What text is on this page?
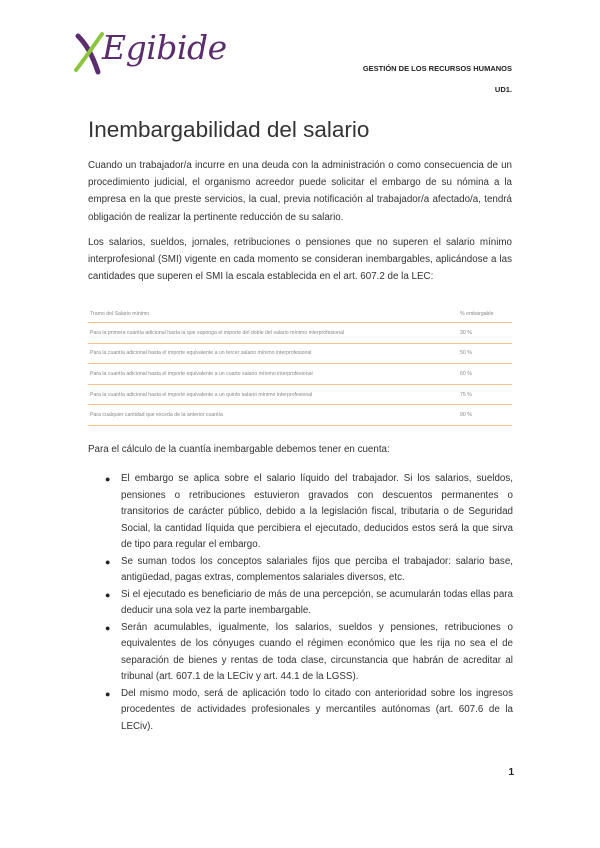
Egibide
GESTIÓN DE LOS RECURSOS HUMANOS
UD1.
Inembargabilidad del salario

Cuando un trabajador/a incurre en una deuda con la administración o como consecuencia de un procedimiento judicial, el organismo acreedor puede solicitar el embargo de su nómina a la empresa en la que preste servicios, la cual, previa notificación al trabajador/a afectado/a, tendrá obligación de realizar la pertinente reducción de su salario.

Los salarios, sueldos, jornales, retribuciones o pensiones que no superen el salario mínimo interprofesional (SMI) vigente en cada momento se consideran inembargables, aplicándose a las cantidades que superen el SMI la escala establecida en el art. 607.2 de la LEC:

Tramo del Salario mínimo	% embargable
Para la primera cuantía adicional hasta la que suponga el importe del doble del salario mínimo interprofesional	30 %
Para la cuantía adicional hasta el importe equivalente a un tercer salario mínimo interprofesional	50 %
Para la cuantía adicional hasta el importe equivalente a un cuarto salario mínimo interprofesional	60 %
Para la cuantía adicional hasta el importe equivalente a un quinto salario mínimo interprofesional	75 %
Para cualquier cantidad que exceda de la anterior cuantía	90 %

Para el cálculo de la cuantía inembargable debemos tener en cuenta:

● El embargo se aplica sobre el salario líquido del trabajador. Si los salarios, sueldos, pensiones o retribuciones estuvieron gravados con descuentos permanentes o transitorios de carácter público, debido a la legislación fiscal, tributaria o de Seguridad Social, la cantidad líquida que percibiera el ejecutado, deducidos estos será la que sirva de tipo para regular el embargo.
● Se suman todos los conceptos salariales fijos que perciba el trabajador: salario base, antigüedad, pagas extras, complementos salariales diversos, etc.
● Si el ejecutado es beneficiario de más de una percepción, se acumularán todas ellas para deducir una sola vez la parte inembargable.
● Serán acumulables, igualmente, los salarios, sueldos y pensiones, retribuciones o equivalentes de los cónyuges cuando el régimen económico que les rija no sea el de separación de bienes y rentas de toda clase, circunstancia que habrán de acreditar al tribunal (art. 607.1 de la LECiv y art. 44.1 de la LGSS).
● Del mismo modo, será de aplicación todo lo citado con anterioridad sobre los ingresos procedentes de actividades profesionales y mercantiles autónomas (art. 607.6 de la LECiv).
1
